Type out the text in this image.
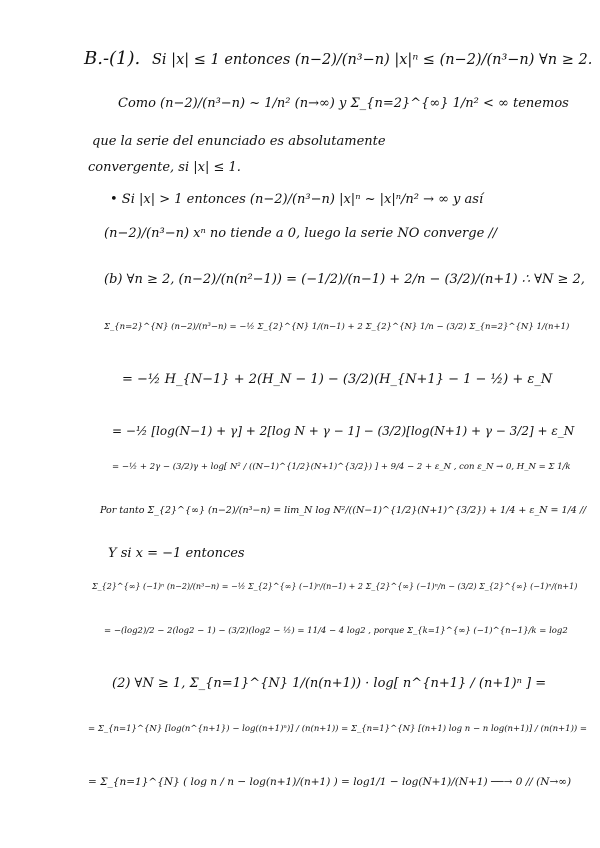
B.-(1). Si |x| ≤ 1 entonces (n−2)/(n³−n) |x|ⁿ ≤ (n−2)/(n³−n) ∀n ≥ 2.
Como (n−2)/(n³−n) ~ 1/n² (n→∞) y Σ_{n=2}^{∞} 1/n² < ∞ tenemos
que la serie del enunciado es absolutamente
convergente, si |x| ≤ 1.
• Si |x| > 1 entonces (n−2)/(n³−n) |x|ⁿ ~ |x|ⁿ/n² → ∞ y así
(n−2)/(n³−n) xⁿ no tiende a 0, luego la serie NO converge //
(b) ∀n ≥ 2, (n−2)/(n(n²−1)) = (−1/2)/(n−1) + 2/n − (3/2)/(n+1) ∴ ∀N ≥ 2,
Σ_{n=2}^{N} (n−2)/(n³−n) = −½ Σ_{2}^{N} 1/(n−1) + 2 Σ_{2}^{N} 1/n − (3/2) Σ_{n=2}^{N} 1/(n+1)
= −½ H_{N−1} + 2(H_N − 1) − (3/2)(H_{N+1} − 1 − ½) + ε_N
= −½ [log(N−1) + γ] + 2[log N + γ − 1] − (3/2)[log(N+1) + γ − 3/2] + ε_N
= −½ + 2γ − (3/2)γ + log[ N² / ((N−1)^{1/2}(N+1)^{3/2}) ] + 9/4 − 2 + ε_N , con ε_N → 0, H_N = Σ 1/k
Por tanto Σ_{2}^{∞} (n−2)/(n³−n) = lim_N log N²/((N−1)^{1/2}(N+1)^{3/2}) + 1/4 + ε_N = 1/4 //
Y si x = −1 entonces
Σ_{2}^{∞} (−1)ⁿ (n−2)/(n³−n) = −½ Σ_{2}^{∞} (−1)ⁿ/(n−1) + 2 Σ_{2}^{∞} (−1)ⁿ/n − (3/2) Σ_{2}^{∞} (−1)ⁿ/(n+1)
= −(log2)/2 − 2(log2 − 1) − (3/2)(log2 − ½) = 11/4 − 4 log2 , porque Σ_{k=1}^{∞} (−1)^{n−1}/k = log2
(2) ∀N ≥ 1, Σ_{n=1}^{N} 1/(n(n+1)) · log[ n^{n+1} / (n+1)ⁿ ] =
= Σ_{n=1}^{N} [log(n^{n+1}) − log((n+1)ⁿ)] / (n(n+1)) = Σ_{n=1}^{N} [(n+1) log n − n log(n+1)] / (n(n+1)) =
= Σ_{n=1}^{N} ( log n / n − log(n+1)/(n+1) ) = log1/1 − log(N+1)/(N+1) ──→ 0 // (N→∞)
